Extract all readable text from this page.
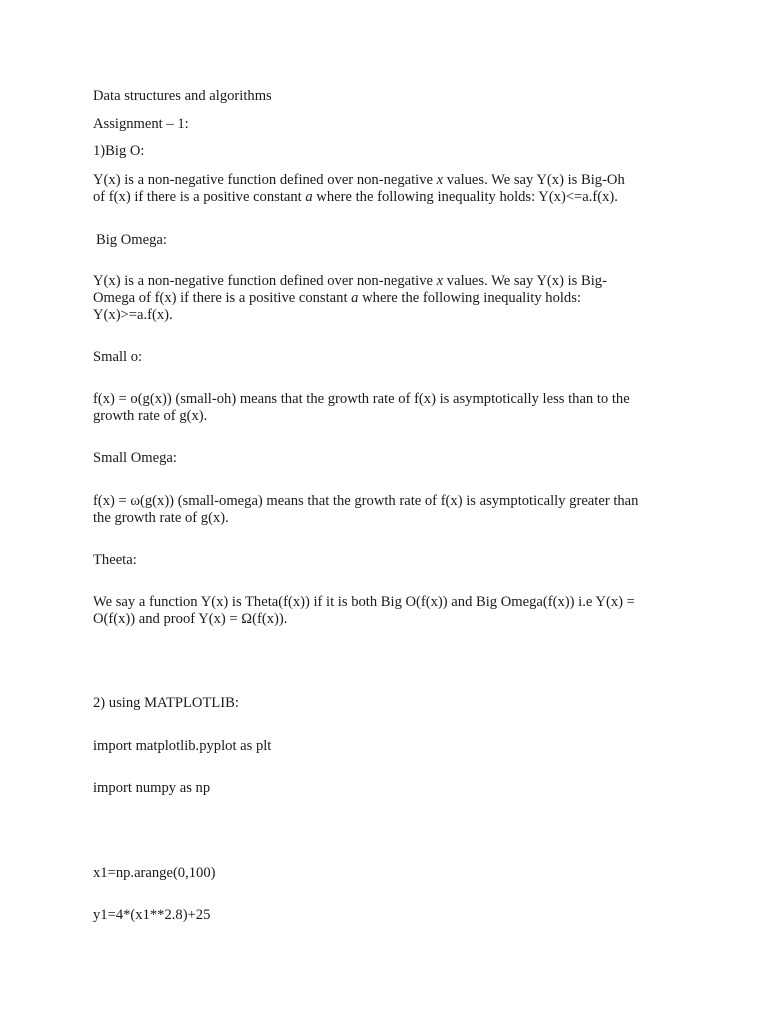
Data structures and algorithms
Assignment – 1:
1)Big O:
Y(x) is a non-negative function defined over non-negative x values. We say Y(x) is Big-Oh
of f(x) if there is a positive constant a where the following inequality holds: Y(x)<=a.f(x).
Big Omega:
Y(x) is a non-negative function defined over non-negative x values. We say Y(x) is Big-
Omega of f(x) if there is a positive constant a where the following inequality holds:
Y(x)>=a.f(x).
Small o:
f(x) = o(g(x)) (small-oh) means that the growth rate of f(x) is asymptotically less than to the
growth rate of g(x).
Small Omega:
f(x) = ω(g(x)) (small-omega) means that the growth rate of f(x) is asymptotically greater than
the growth rate of g(x).
Theeta:
We say a function Y(x) is Theta(f(x)) if it is both Big O(f(x)) and Big Omega(f(x)) i.e Y(x) =
O(f(x)) and proof Y(x) = Ω(f(x)).
2) using MATPLOTLIB:
import matplotlib.pyplot as plt
import numpy as np
x1=np.arange(0,100)
y1=4*(x1**2.8)+25
